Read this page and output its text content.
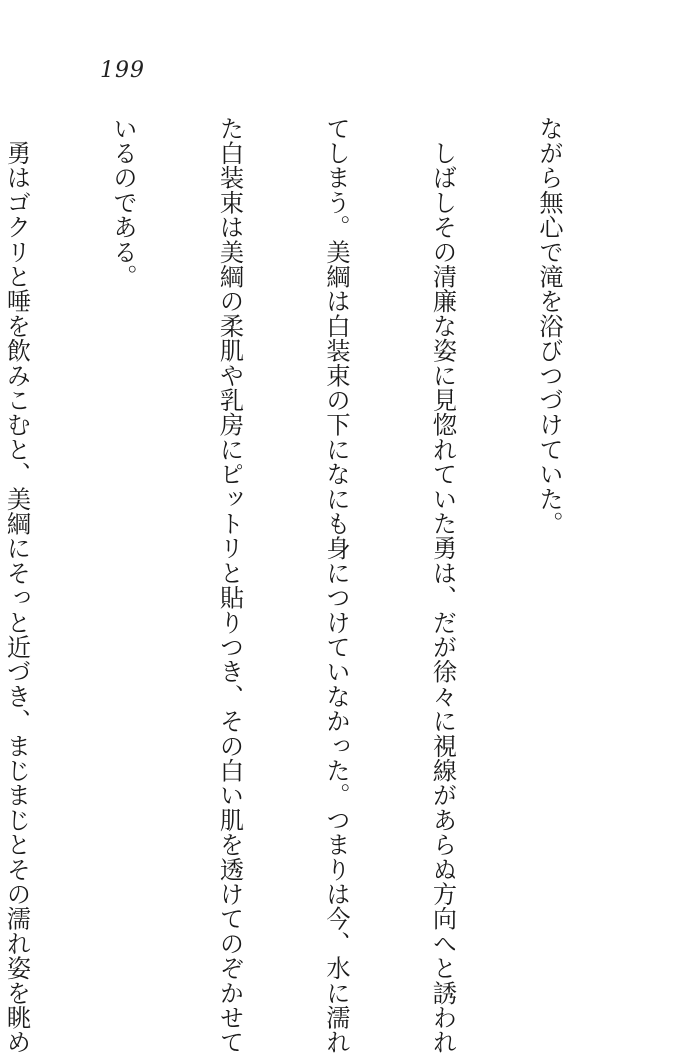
199

ながら無心で滝を浴びつづけていた。

　しばしその清廉な姿に見惚れていた勇は、だが徐々に視線があらぬ方向へと誘われ

てしまう。美綱は白装束の下になにも身につけていなかった。つまりは今、水に濡れ

た白装束は美綱の柔肌や乳房にピットリと貼りつき、その白い肌を透けてのぞかせて

いるのである。

　勇はゴクリと唾を飲みこむと、美綱にそっと近づき、まじまじとその濡れ姿を眺め
